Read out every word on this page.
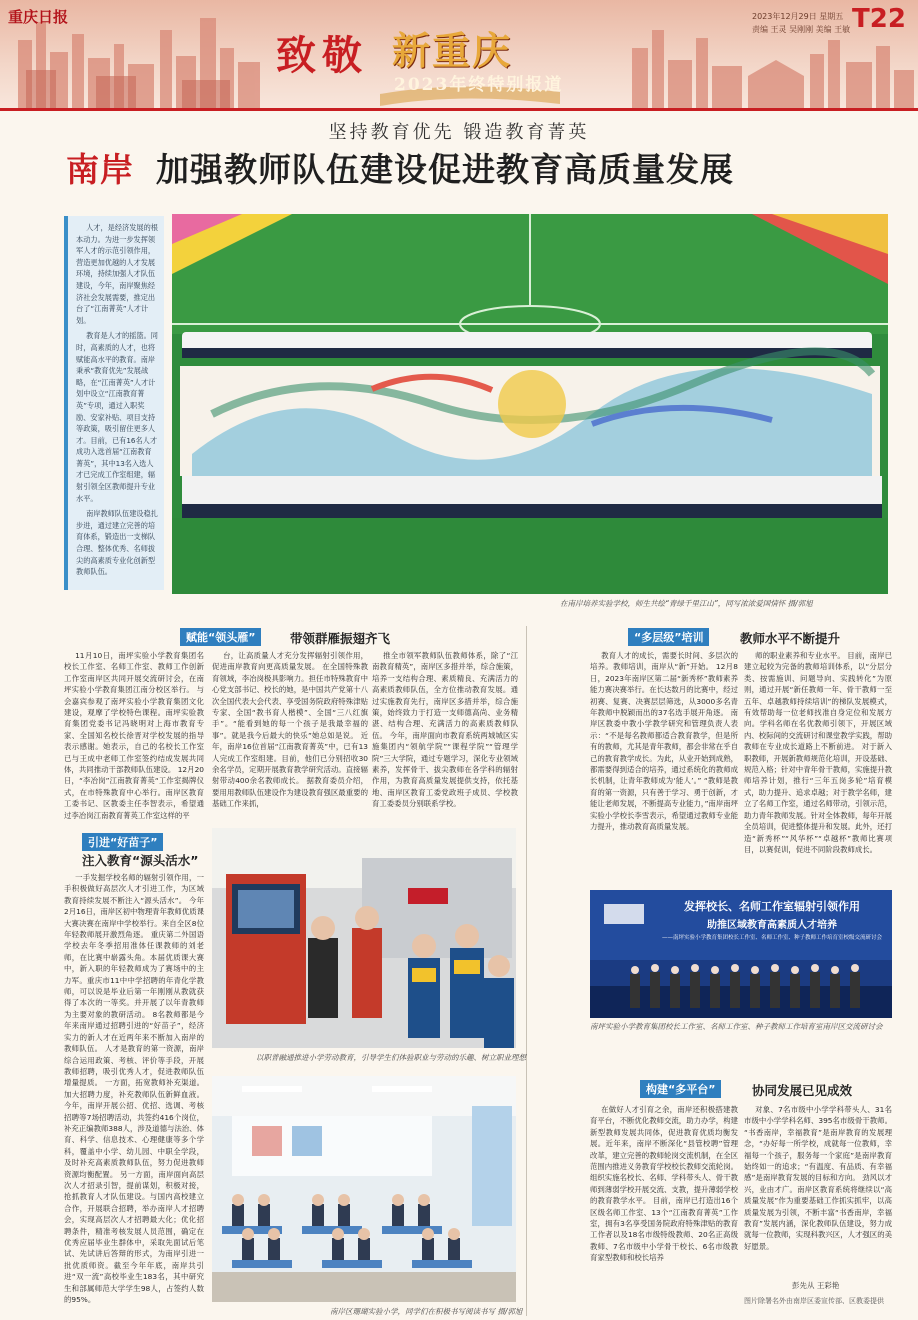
重庆日报
致敬 新重庆
2023年终特别报道
2023年12月29日 星期五
责编 王灵 吴刚刚 美编 王敏 T22
坚持教育优先 锻造教育菁英
南岸 加强教师队伍建设促进教育高质量发展

人才，是经济发展的根本动力。为进一步发挥领军人才的示范引领作用，营造更加优越的人才发展环境，持续加强人才队伍建设，今年，南岸聚焦经济社会发展需要，推定出台了“江南菁英”人才计划。

教育是人才的摇篮。同时，高素质的人才，也将赋能高水平的教育。南岸秉承“教育优先”发展战略，在“江南菁英”人才计划中设立“江南教育菁英”专项，通过入职奖励、安家补贴、项目支持等政策，吸引留住更多人才。目前，已有16名人才成功入选首届“江南教育菁英”，其中13名入选人才已完成工作室组建，辐射引领全区教师提升专业水平。

南岸教师队伍建设稳扎步进，通过建立完善的培育体系，锻造出一支梯队合理、整体优秀、名师拔尖的高素质专业化创新型教师队伍。

在南岸培养实验学校，师生共绘“青绿千里江山”，同写浓浓爱国情怀 摄/郭旭
赋能“领头雁”	带领群雁振翅齐飞

11月10日，南坪实验小学教育集团名校长工作室、名师工作室、教师工作创新工作室南岸区共同开展交流研讨会，在南坪实验小学教育集团江南分校区举行。 与会嘉宾参观了南坪实验小学教育集团文化建设，观摩了学校特色课程。南坪实验教育集团党委书记冯晓明对上海市教育专家、全国知名校长徐晋对学校发展的指导表示感谢。她表示，自己的名校长工作室已与王成中老师工作室签约结成发展共同体，共同推动干部教师队伍建设。 12月20日，“李冶岗”江南教育菁英“工作室揭牌仪式，在市特殊教育中心举行。南岸区教育工委书记、区教委主任李智表示，希望通过李冶岗江南教育菁英工作室这样的平

台，让高质量人才充分发挥辐射引领作用，促进南岸教育向更高质量发展。 在全国特殊教育领域，李冶岗极具影响力。担任市特殊教育中心党支部书记、校长的她，是中国共产党第十八次全国代表大会代表、享受国务院政府特殊津贴专家、全国“教书育人楷模”、全国“三八红旗手”。“能看到她的每一个孩子是我最幸福的事”。就是我今后最大的快乐”她总如是说。 近年，南岸16位首届“江南教育菁英”中，已有13人完成工作室组建。目前，他们已分别招收30余名学员，定期开展教育教学研究活动。直接辐射带动400余名教师成长。 据教育委员介绍，要用用教师队伍建设作为建设教育强区最重要的基础工作来抓，

推全市领军教师队伍教师体系，除了“江南教育精英”，南岸区多措并举，综合施策，培养一支结构合理、素质精良、充满活力的高素质教师队伍，全方位推动教育发展。通过实施教育先行，南岸区多措并举，综合施策，始终致力于打造一支师德高尚、业务精湛、结构合理、充满活力的高素质教师队伍。 今年，南岸面向市教育系统两城城区实施集团内“领航学院”“课程学院”“管理学院”三大学院，通过专题学习，深化专业领域素养，发挥骨干、拔尖教师在各学科的辐射作用，为教育高质量发展提供支持，依托基地、南岸区教育工委党政班子成员、学校教育工委委员分别联系学校。

“多层级”培训	教师水平不断提升

教育人才的成长，需要长时间、多层次的培养。教师培训，南岸从“新”开始。 12月8日，2023年南岸区第二届“新秀杯”教师素养能力赛决赛举行。在长达数月的比赛中，经过初赛、复赛、决赛层层筛选，从3000多名青年教师中脱颖而出的37名选手展开角逐。 南岸区教委中教小学教学研究和管理负责人表示：“不是每名教师都适合教育教学，但是所有的教师，尤其是青年教师，都会非常在乎自己的教育教学成长。为此，从业开始到成熟，都需要得到适合的培养，通过系统化的教师成长机制，让青年教师成为‘能人’。” “教师是教育的第一资源，只有善于学习、勇于创新，才能让老师发展，不断提高专业能力，”南岸南坪实验小学校长李雪表示，希望通过教师专业能力提升，推动教育高质量发展。

师的职业素养和专业水平。 目前，南岸已建立起较为完备的教师培训体系，以“分层分类、按需施训、问题导向、实践转化”为原则，通过开展“新任教师一年、骨干教师一至五年、卓越教师持续培训”的梯队发展模式，有效帮助每一位老师找准自身定位和发展方向。学科名师在名优教师引领下，开展区域内、校际间的交流研讨和课堂教学实践，帮助教师在专业成长道路上不断前进。 对于新入职教师，开展新教师规范化培训，开设基础、规范入格；针对中青年骨干教师，实施提升教师培养计划，推行“三年五岗多轮”培育模式，助力提升、追求卓越；对于教学名师，建立了名师工作室，通过名师带动，引领示范，助力青年教师发展。针对全体教师，每年开展全员培训，促进整体提升和发展。此外，还打造“新秀杯”“风华杯”“卓越杯”教师比赛项目，以赛促训，促进不同阶段教师成长。

发挥校长、名师工作室辐射引领作用
助推区域教育高素质人才培养
——南坪实验小学教育集团校长工作室、名师工作室、种子教师工作培育室校级交流研讨会
南坪实验小学教育集团校长工作室、名师工作室、种子教师工作培育室南岸区交流研讨会
引进“好苗子”
注入教育“源头活水”

一手发掘学校名师的辐射引领作用，一手积极做好高层次人才引进工作，为区域教育持续发展不断注入“源头活水”。 今年2月16日，南岸区初中物理青年教师优质课大赛决赛在南岸中学校举行。来自全区8位年轻教师展开激烈角逐。 重庆第二外国语学校去年冬季招用准体任课教师的刘老师，在比赛中崭露头角。本届优质课大赛中，新入职的年轻教师成为了赛场中的主力军。重庆市11中中学招聘的年青化学教师，可以说是毕业后第一年刚刚从教就获得了本次的一等奖。并开展了以年青教师为主要对象的教研活动。 8名教师都是今年来南岸通过招聘引进的“好苗子”，经济实力的新人才在近两年来不断加入南岸的教师队伍。 人才是教育的第一资源，南岸综合运用政策、考核、评价等手段，开展教师招聘，吸引优秀人才，促进教师队伍增量提质。 一方面，拓宽教师补充渠道。加大招聘力度，补充教师队伍新鲜血液。今年，南岸开展公招、优招、选调、考核招聘等7场招聘活动，共签约416个岗位，补充正编教师388人，涉及道德与法治、体育、科学、信息技术、心理健康等多个学科，覆盖中小学、幼儿园、中职全学段，及时补充高素质教师队伍，努力促进教师资源均衡配置。 另一方面，南岸面向高层次人才招录引智，提前谋划，积极对接，抢抓教育人才队伍建设。与国内高校建立合作，开展联合招聘，举办南岸人才招聘会，实现高层次人才招聘最大化；优化招聘条件，精准考核发展人员范围，确定在优秀应届毕业生群体中，采取先面试后笔试、先试讲后答辩的形式，为南岸引进一批优质师资。截至今年年底，南岸共引进“双一流”高校毕业生183名，其中研究生和部属师范大学学生98人，占签约人数的95%。

以职普融通推进小学劳动教育，引导学生们体验职业与劳动的乐趣、树立职业理想
南岸区珊瑚实验小学，同学们在积极书写阅读书写 摄/郭旭
构建“多平台”	协同发展已见成效

在做好人才引育之余，南岸还积极搭建教育平台，不断优化教师交流，助力办学，构建新型教师发展共同体，促进教育优质均衡发展。近年来，南岸不断深化“县管校聘”管理改革，建立完善的教师轮岗交流机制，在全区范围内推进义务教育学校校长教师交流轮岗。组织实施名校长、名师、学科带头人、骨干教师到薄弱学校开展交流、支教，提升薄弱学校的教育教学水平。 目前，南岸已打造出16个区级名师工作室、13个“江南教育菁英”工作室，拥有3名享受国务院政府特殊津贴的教育工作者以及18名市级特级教师、20名正高级教师、7名市级中小学骨干校长、6名市级教育家型教师和校长培养

对象、7名市级中小学学科带头人、31名市级中小学学科名师、395名市级骨干教师。 “书香南岸，幸福教育”是南岸教育的发展理念，“办好每一所学校，成就每一位教师，幸福每一个孩子，服务每一个家庭”是南岸教育始终如一的追求；“有温度、有品质、有幸福感”是南岸教育发展的目标和方向。 劲风以才兴，业由才广。南岸区教育系统将继续以“高质量发展”作为重要基础工作抓实抓牢，以高质量发展为引领，不断丰富“书香南岸，幸福教育”发展内涵，深化教师队伍建设，努力成就每一位教师，实现科教兴区，人才强区的美好愿景。

彭先从 王彩艳
图片除署名外由南岸区委宣传部、区教委提供
